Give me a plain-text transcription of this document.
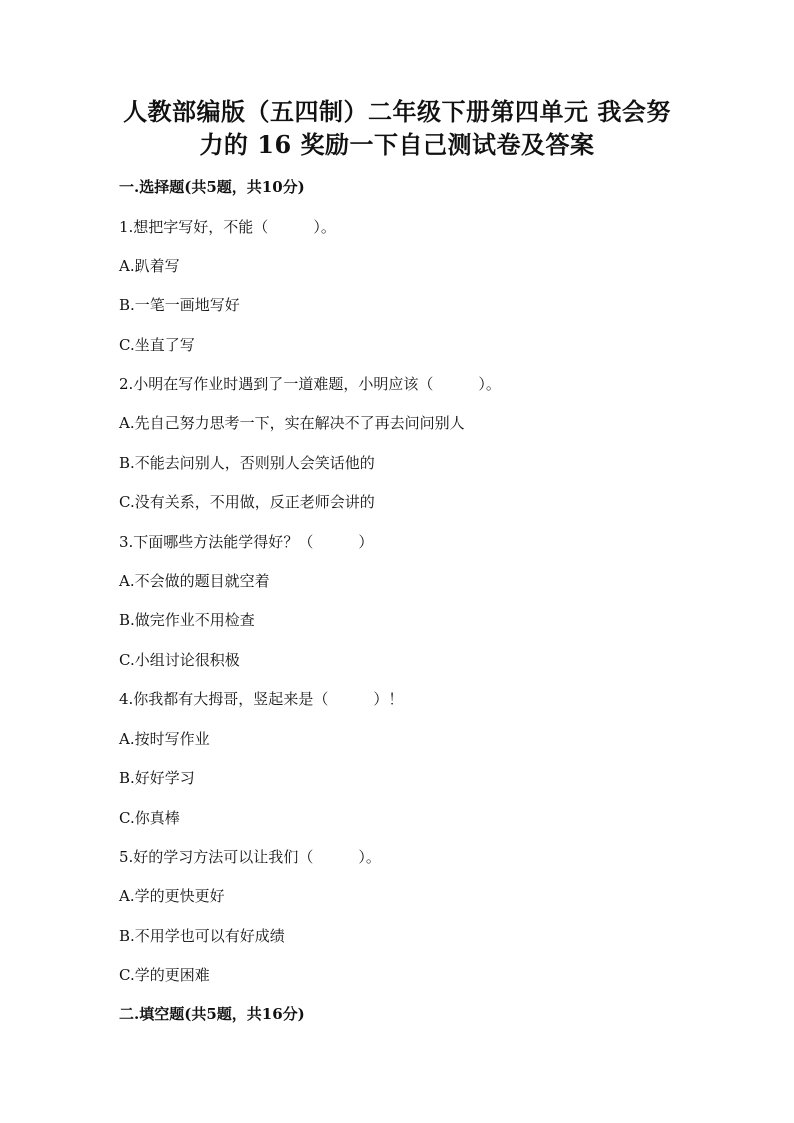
人教部编版（五四制）二年级下册第四单元 我会努
力的 16 奖励一下自己测试卷及答案
一.选择题(共5题，共10分)
1.想把字写好，不能（　　　）。
A.趴着写
B.一笔一画地写好
C.坐直了写
2.小明在写作业时遇到了一道难题，小明应该（　　　）。
A.先自己努力思考一下，实在解决不了再去问问别人
B.不能去问别人，否则别人会笑话他的
C.没有关系，不用做，反正老师会讲的
3.下面哪些方法能学得好？（　　　）
A.不会做的题目就空着
B.做完作业不用检查
C.小组讨论很积极
4.你我都有大拇哥，竖起来是（　　　）！
A.按时写作业
B.好好学习
C.你真棒
5.好的学习方法可以让我们（　　　）。
A.学的更快更好
B.不用学也可以有好成绩
C.学的更困难
二.填空题(共5题，共16分)
